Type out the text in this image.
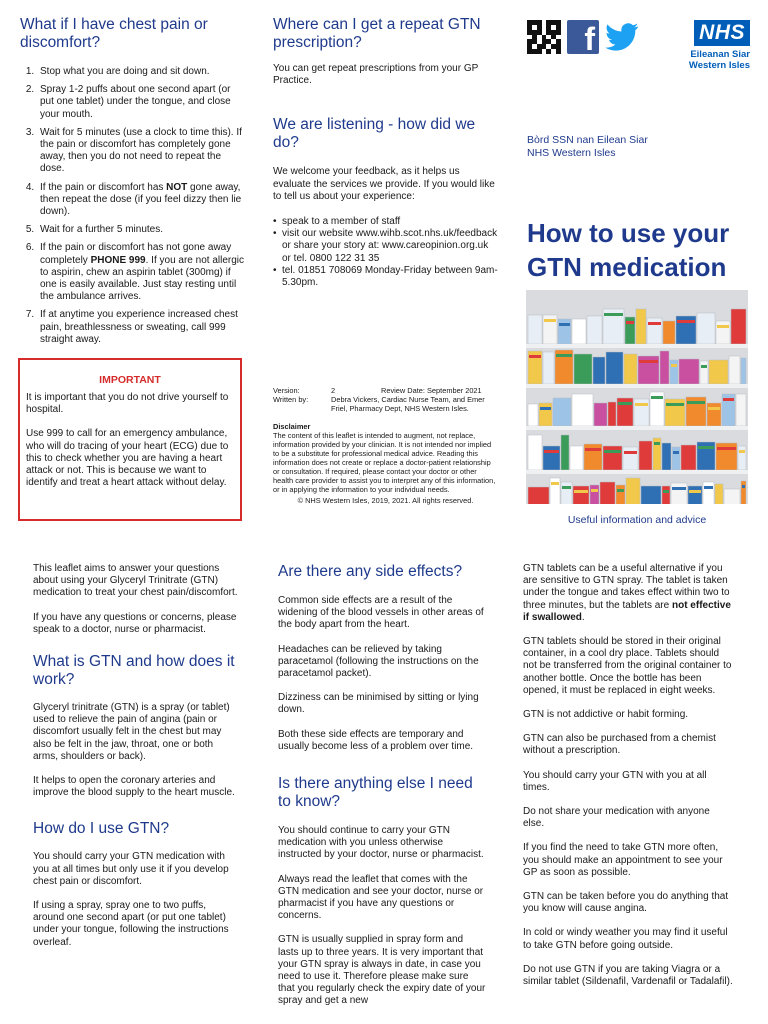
What if I have chest pain or discomfort?
1. Stop what you are doing and sit down.
2. Spray 1-2 puffs about one second apart (or put one tablet) under the tongue, and close your mouth.
3. Wait for 5 minutes (use a clock to time this). If the pain or discomfort has completely gone away, then you do not need to repeat the dose.
4. If the pain or discomfort has NOT gone away, then repeat the dose (if you feel dizzy then lie down).
5. Wait for a further 5 minutes.
6. If the pain or discomfort has not gone away completely PHONE 999. If you are not allergic to aspirin, chew an aspirin tablet (300mg) if one is easily available. Just stay resting until the ambulance arrives.
7. If at anytime you experience increased chest pain, breathlessness or sweating, call 999 straight away.

IMPORTANT

It is important that you do not drive yourself to hospital.

Use 999 to call for an emergency ambulance, who will do tracing of your heart (ECG) due to this to check whether you are having a heart attack or not. This is because we want to identify and treat a heart attack without delay.

Where can I get a repeat GTN prescription?

You can get repeat prescriptions from your GP Practice.

We are listening - how did we do?

We welcome your feedback, as it helps us evaluate the services we provide. If you would like to tell us about your experience:

• speak to a member of staff
• visit our website www.wihb.scot.nhs.uk/feedback or share your story at: www.careopinion.org.uk or tel. 0800 122 31 35
• tel. 01851 708069 Monday-Friday between 9am-5.30pm.
Version:	2	Review Date: September 2021
Written by:	Debra Vickers, Cardiac Nurse Team, and Emer Friel, Pharmacy Dept, NHS Western Isles.
Disclaimer
The content of this leaflet is intended to augment, not replace, information provided by your clinician. It is not intended nor implied to be a substitute for professional medical advice. Reading this information does not create or replace a doctor-patient relationship or consultation. If required, please contact your doctor or other health care provider to assist you to interpret any of this information, or in applying the information to your individual needs.
© NHS Western Isles, 2019, 2021. All rights reserved.
f
NHS
Eileanan Siar
Western Isles
Bòrd SSN nan Eilean Siar
NHS Western Isles
How to use your GTN medication
Useful information and advice

This leaflet aims to answer your questions about using your Glyceryl Trinitrate (GTN) medication to treat your chest pain/discomfort.

If you have any questions or concerns, please speak to a doctor, nurse or pharmacist.

What is GTN and how does it work?

Glyceryl trinitrate (GTN) is a spray (or tablet) used to relieve the pain of angina (pain or discomfort usually felt in the chest but may also be felt in the jaw, throat, one or both arms, shoulders or back).

It helps to open the coronary arteries and improve the blood supply to the heart muscle.

How do I use GTN?

You should carry your GTN medication with you at all times but only use it if you develop chest pain or discomfort.

If using a spray, spray one to two puffs, around one second apart (or put one tablet) under your tongue, following the instructions overleaf.

Are there any side effects?

Common side effects are a result of the widening of the blood vessels in other areas of the body apart from the heart.

Headaches can be relieved by taking paracetamol (following the instructions on the paracetamol packet).

Dizziness can be minimised by sitting or lying down.

Both these side effects are temporary and usually become less of a problem over time.

Is there anything else I need to know?

You should continue to carry your GTN medication with you unless otherwise instructed by your doctor, nurse or pharmacist.

Always read the leaflet that comes with the GTN medication and see your doctor, nurse or pharmacist if you have any questions or concerns.

GTN is usually supplied in spray form and lasts up to three years. It is very important that your GTN spray is always in date, in case you need to use it. Therefore please make sure that you regularly check the expiry date of your spray and get a new

GTN tablets can be a useful alternative if you are sensitive to GTN spray. The tablet is taken under the tongue and takes effect within two to three minutes, but the tablets are not effective if swallowed.

GTN tablets should be stored in their original container, in a cool dry place. Tablets should not be transferred from the original container to another bottle. Once the bottle has been opened, it must be replaced in eight weeks.

GTN is not addictive or habit forming.

GTN can also be purchased from a chemist without a prescription.

You should carry your GTN with you at all times.

Do not share your medication with anyone else.

If you find the need to take GTN more often, you should make an appointment to see your GP as soon as possible.

GTN can be taken before you do anything that you know will cause angina.

In cold or windy weather you may find it useful to take GTN before going outside.

Do not use GTN if you are taking Viagra or a similar tablet (Sildenafil, Vardenafil or Tadalafil).
